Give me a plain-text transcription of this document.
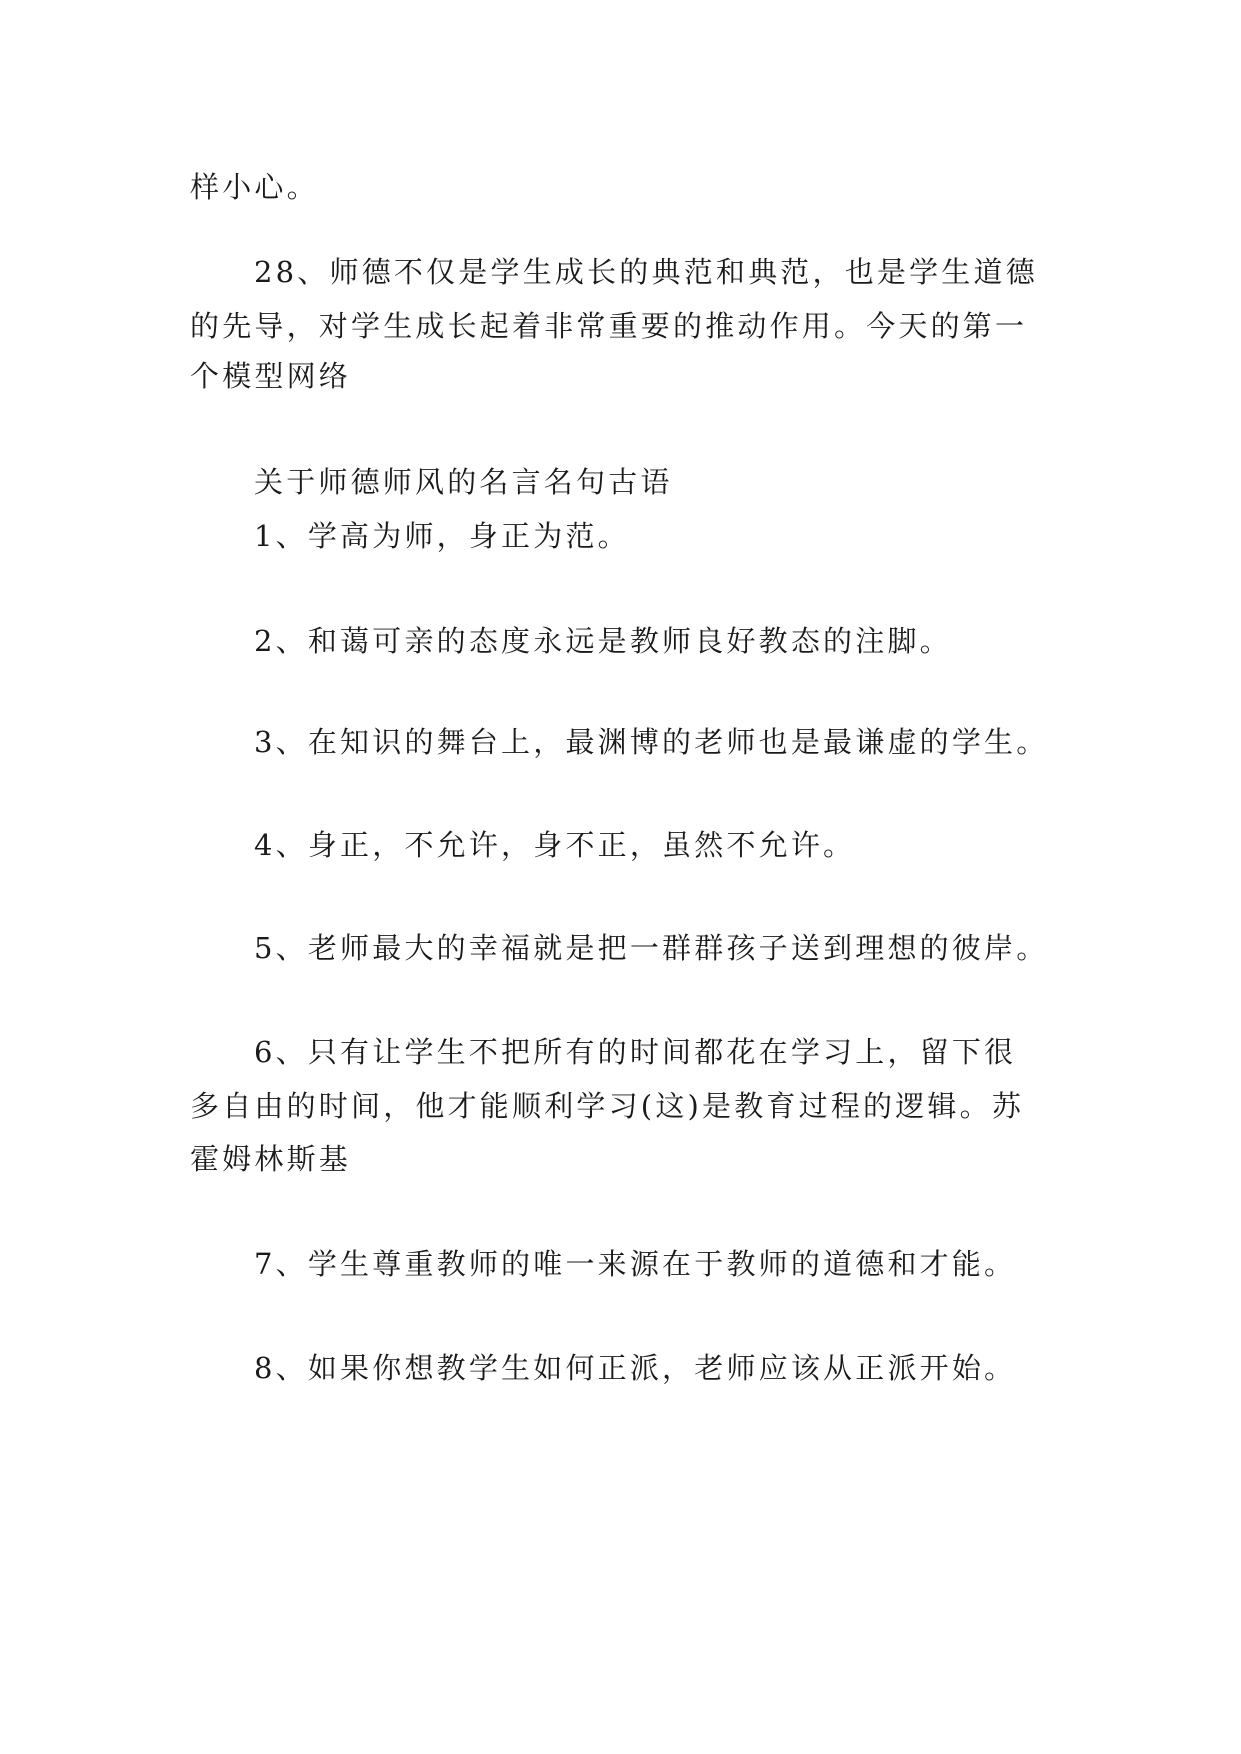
样小心。
28、师德不仅是学生成长的典范和典范，也是学生道德
的先导，对学生成长起着非常重要的推动作用。今天的第一
个模型网络
关于师德师风的名言名句古语
1、学高为师，身正为范。
2、和蔼可亲的态度永远是教师良好教态的注脚。
3、在知识的舞台上，最渊博的老师也是最谦虚的学生。
4、身正，不允许，身不正，虽然不允许。
5、老师最大的幸福就是把一群群孩子送到理想的彼岸。
6、只有让学生不把所有的时间都花在学习上，留下很
多自由的时间，他才能顺利学习(这)是教育过程的逻辑。苏
霍姆林斯基
7、学生尊重教师的唯一来源在于教师的道德和才能。
8、如果你想教学生如何正派，老师应该从正派开始。
